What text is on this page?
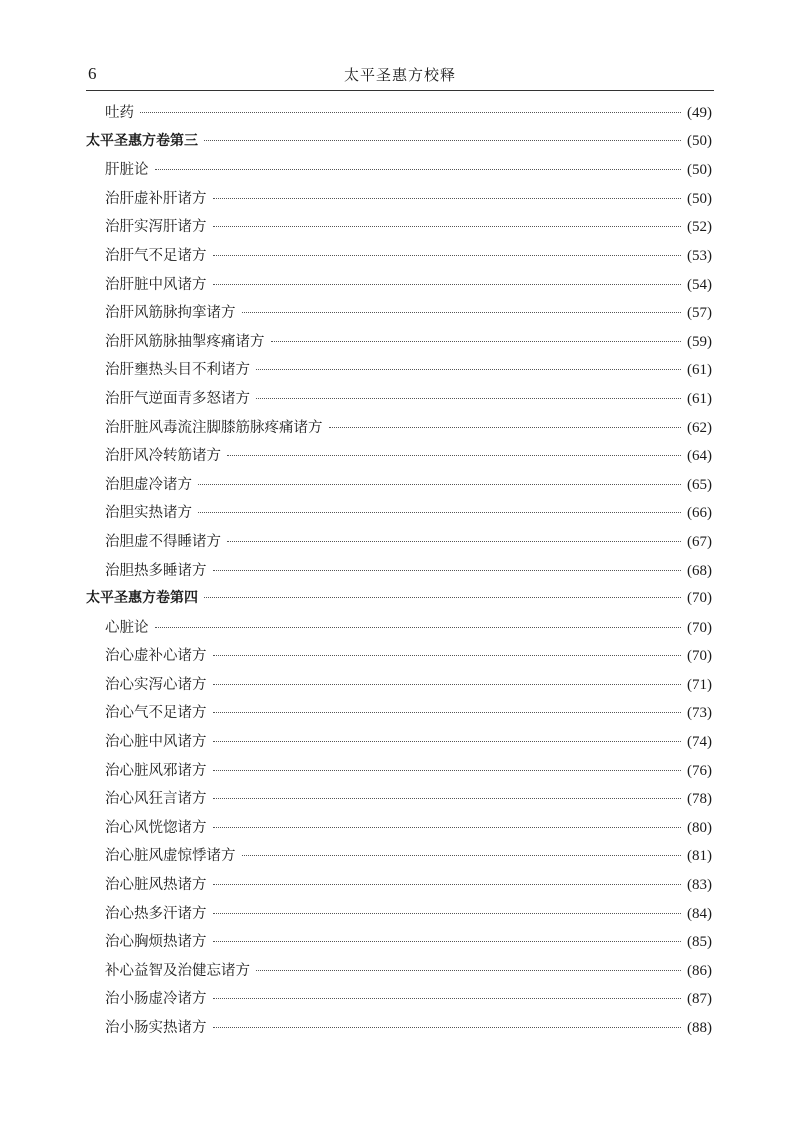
6	太平圣惠方校释
吐药	(49)
太平圣惠方卷第三	(50)
肝脏论	(50)
治肝虚补肝诸方	(50)
治肝实泻肝诸方	(52)
治肝气不足诸方	(53)
治肝脏中风诸方	(54)
治肝风筋脉拘挛诸方	(57)
治肝风筋脉抽掣疼痛诸方	(59)
治肝壅热头目不利诸方	(61)
治肝气逆面青多怒诸方	(61)
治肝脏风毒流注脚膝筋脉疼痛诸方	(62)
治肝风冷转筋诸方	(64)
治胆虚冷诸方	(65)
治胆实热诸方	(66)
治胆虚不得睡诸方	(67)
治胆热多睡诸方	(68)
太平圣惠方卷第四	(70)
心脏论	(70)
治心虚补心诸方	(70)
治心实泻心诸方	(71)
治心气不足诸方	(73)
治心脏中风诸方	(74)
治心脏风邪诸方	(76)
治心风狂言诸方	(78)
治心风恍惚诸方	(80)
治心脏风虚惊悸诸方	(81)
治心脏风热诸方	(83)
治心热多汗诸方	(84)
治心胸烦热诸方	(85)
补心益智及治健忘诸方	(86)
治小肠虚冷诸方	(87)
治小肠实热诸方	(88)
